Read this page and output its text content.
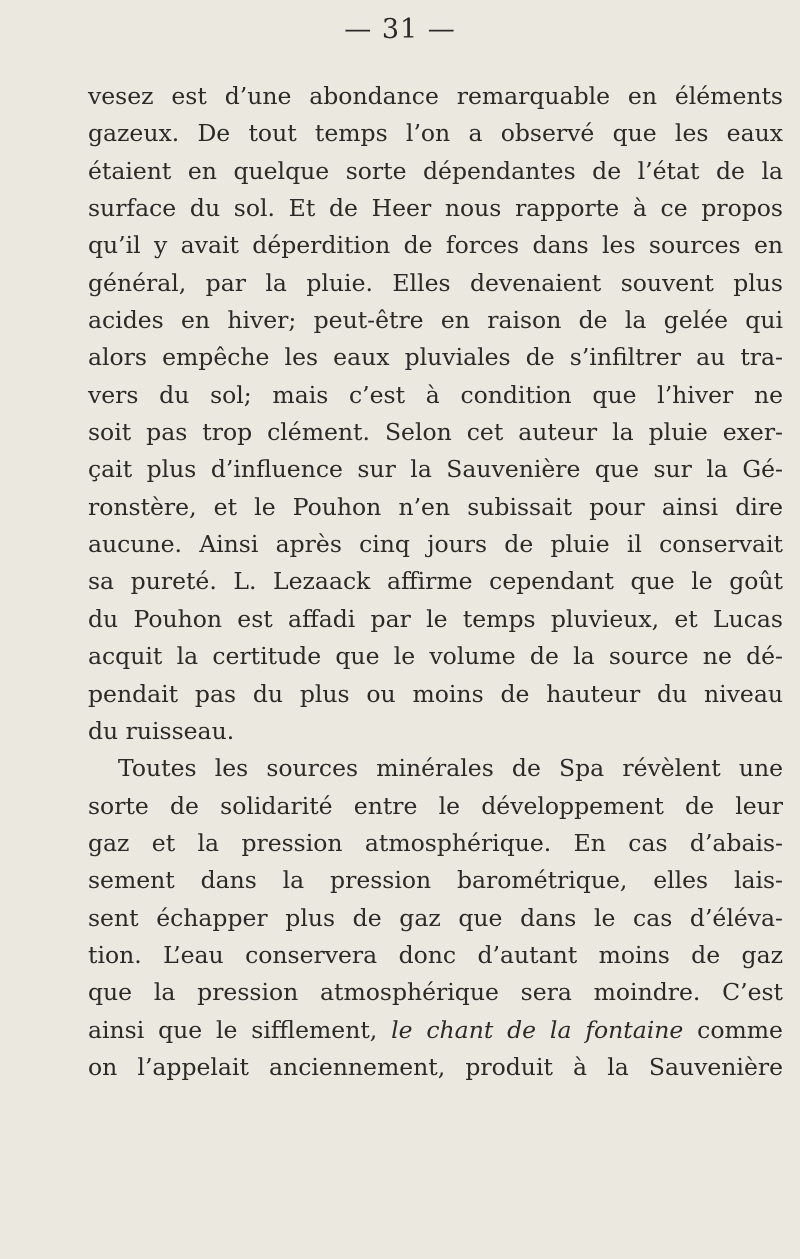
— 31 —
vesez est d’une abondance remarquable en éléments
gazeux. De tout temps l’on a observé que les eaux
étaient en quelque sorte dépendantes de l’état de la
surface du sol. Et de Heer nous rapporte à ce propos
qu’il y avait déperdition de forces dans les sources en
général, par la pluie. Elles devenaient souvent plus
acides en hiver; peut-être en raison de la gelée qui
alors empêche les eaux pluviales de s’infiltrer au tra-
vers du sol; mais c’est à condition que l’hiver ne
soit pas trop clément. Selon cet auteur la pluie exer-
çait plus d’influence sur la Sauvenière que sur la Gé-
ronstère, et le Pouhon n’en subissait pour ainsi dire
aucune. Ainsi après cinq jours de pluie il conservait
sa pureté. L. Lezaack affirme cependant que le goût
du Pouhon est affadi par le temps pluvieux, et Lucas
acquit la certitude que le volume de la source ne dé-
pendait pas du plus ou moins de hauteur du niveau
du ruisseau.
Toutes les sources minérales de Spa révèlent une
sorte de solidarité entre le développement de leur
gaz et la pression atmosphérique. En cas d’abais-
sement dans la pression barométrique, elles lais-
sent échapper plus de gaz que dans le cas d’éléva-
tion. L’eau conservera donc d’autant moins de gaz
que la pression atmosphérique sera moindre. C’est
ainsi que le sifflement, le chant de la fontaine comme
on l’appelait anciennement, produit à la Sauvenière
